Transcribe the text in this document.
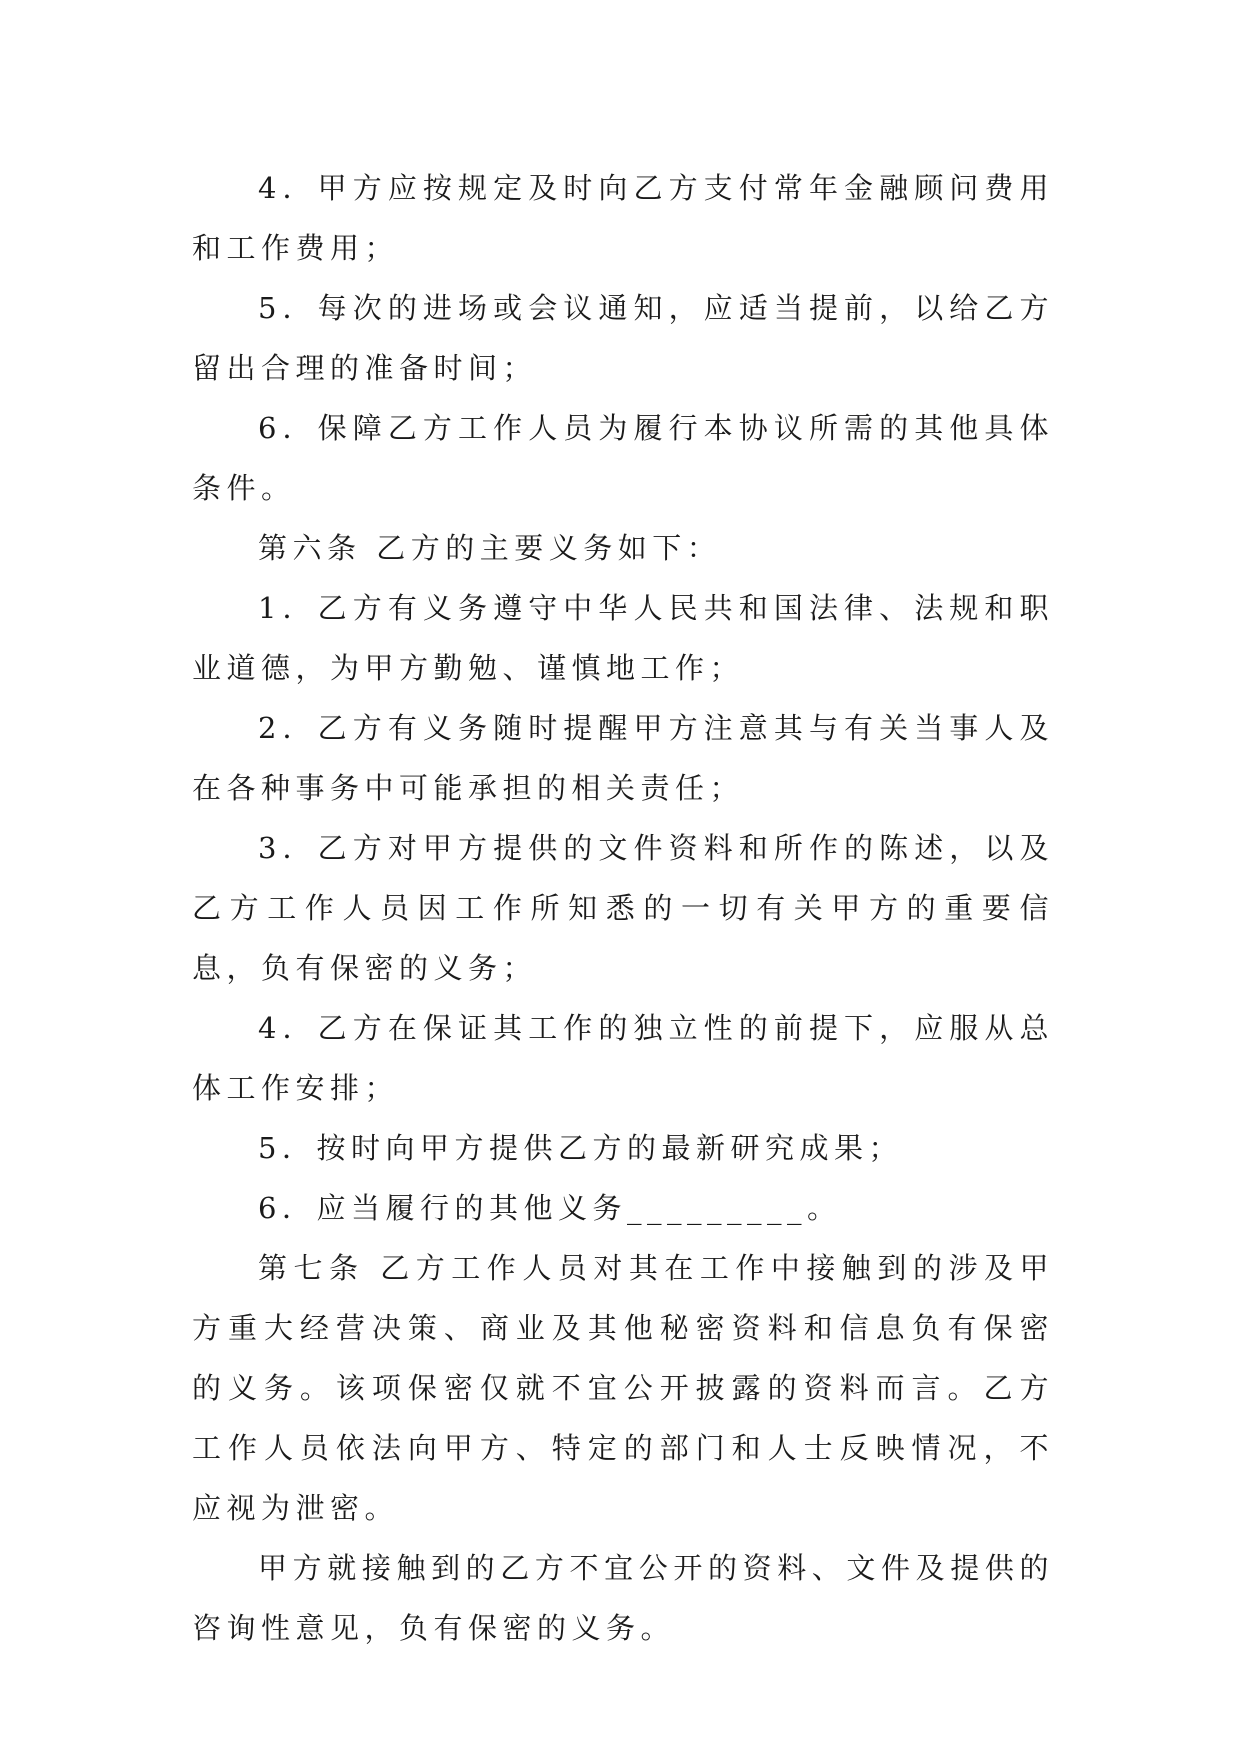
4．甲方应按规定及时向乙方支付常年金融顾问费用和工作费用；

5．每次的进场或会议通知，应适当提前，以给乙方留出合理的准备时间；

6．保障乙方工作人员为履行本协议所需的其他具体条件。

第六条 乙方的主要义务如下：

1．乙方有义务遵守中华人民共和国法律、法规和职业道德，为甲方勤勉、谨慎地工作；

2．乙方有义务随时提醒甲方注意其与有关当事人及在各种事务中可能承担的相关责任；

3．乙方对甲方提供的文件资料和所作的陈述，以及乙方工作人员因工作所知悉的一切有关甲方的重要信息，负有保密的义务；

4．乙方在保证其工作的独立性的前提下，应服从总体工作安排；

5．按时向甲方提供乙方的最新研究成果；

6．应当履行的其他义务_________。

第七条 乙方工作人员对其在工作中接触到的涉及甲方重大经营决策、商业及其他秘密资料和信息负有保密的义务。该项保密仅就不宜公开披露的资料而言。乙方工作人员依法向甲方、特定的部门和人士反映情况，不应视为泄密。

甲方就接触到的乙方不宜公开的资料、文件及提供的咨询性意见，负有保密的义务。
